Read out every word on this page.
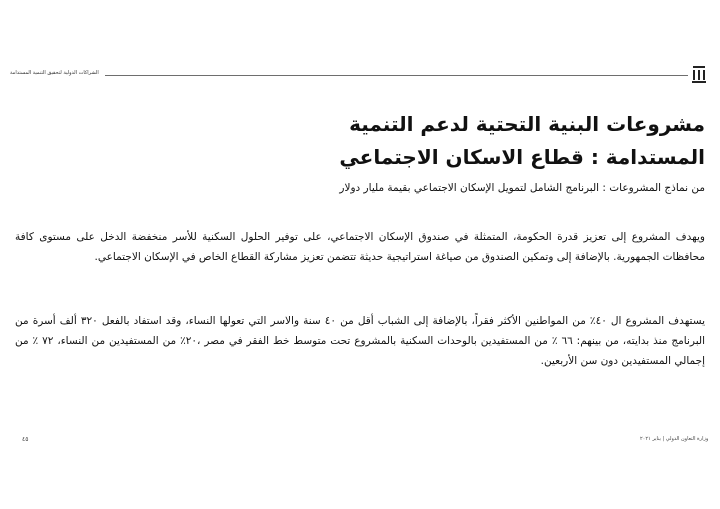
الشراكات الدولية لتحقيق التنمية المستدامة
مشروعات البنية التحتية لدعم التنمية
المستدامة : قطاع الاسكان الاجتماعي

من نماذج المشروعات : البرنامج الشامل لتمويل الإسكان الاجتماعي بقيمة مليار دولار

ويهدف المشروع إلى تعزيز قدرة الحكومة، المتمثلة في صندوق الإسكان الاجتماعي، على توفير الحلول السكنية للأسر منخفضة الدخل على مستوى كافة محافظات الجمهورية. بالإضافة إلى وتمكين الصندوق من صياغة استراتيجية حديثة تتضمن تعزيز مشاركة القطاع الخاص في الإسكان الاجتماعي.

يستهدف المشروع ال ٤٠٪ من المواطنين الأكثر فقراً، بالإضافة إلى الشباب أقل من ٤٠ سنة والاسر التي تعولها النساء، وقد استفاد بالفعل ٣٢٠ ألف أسرة من البرنامج منذ بدايته، من بينهم: ٦٦ ٪ من المستفيدين بالوحدات السكنية بالمشروع تحت متوسط خط الفقر في مصر ،٢٠٪ من المستفيدين من النساء، ٧٢ ٪ من إجمالي المستفيدين دون سن الأربعين.

وزارة التعاون الدولي | يناير ٢٠٢١
٤٥
